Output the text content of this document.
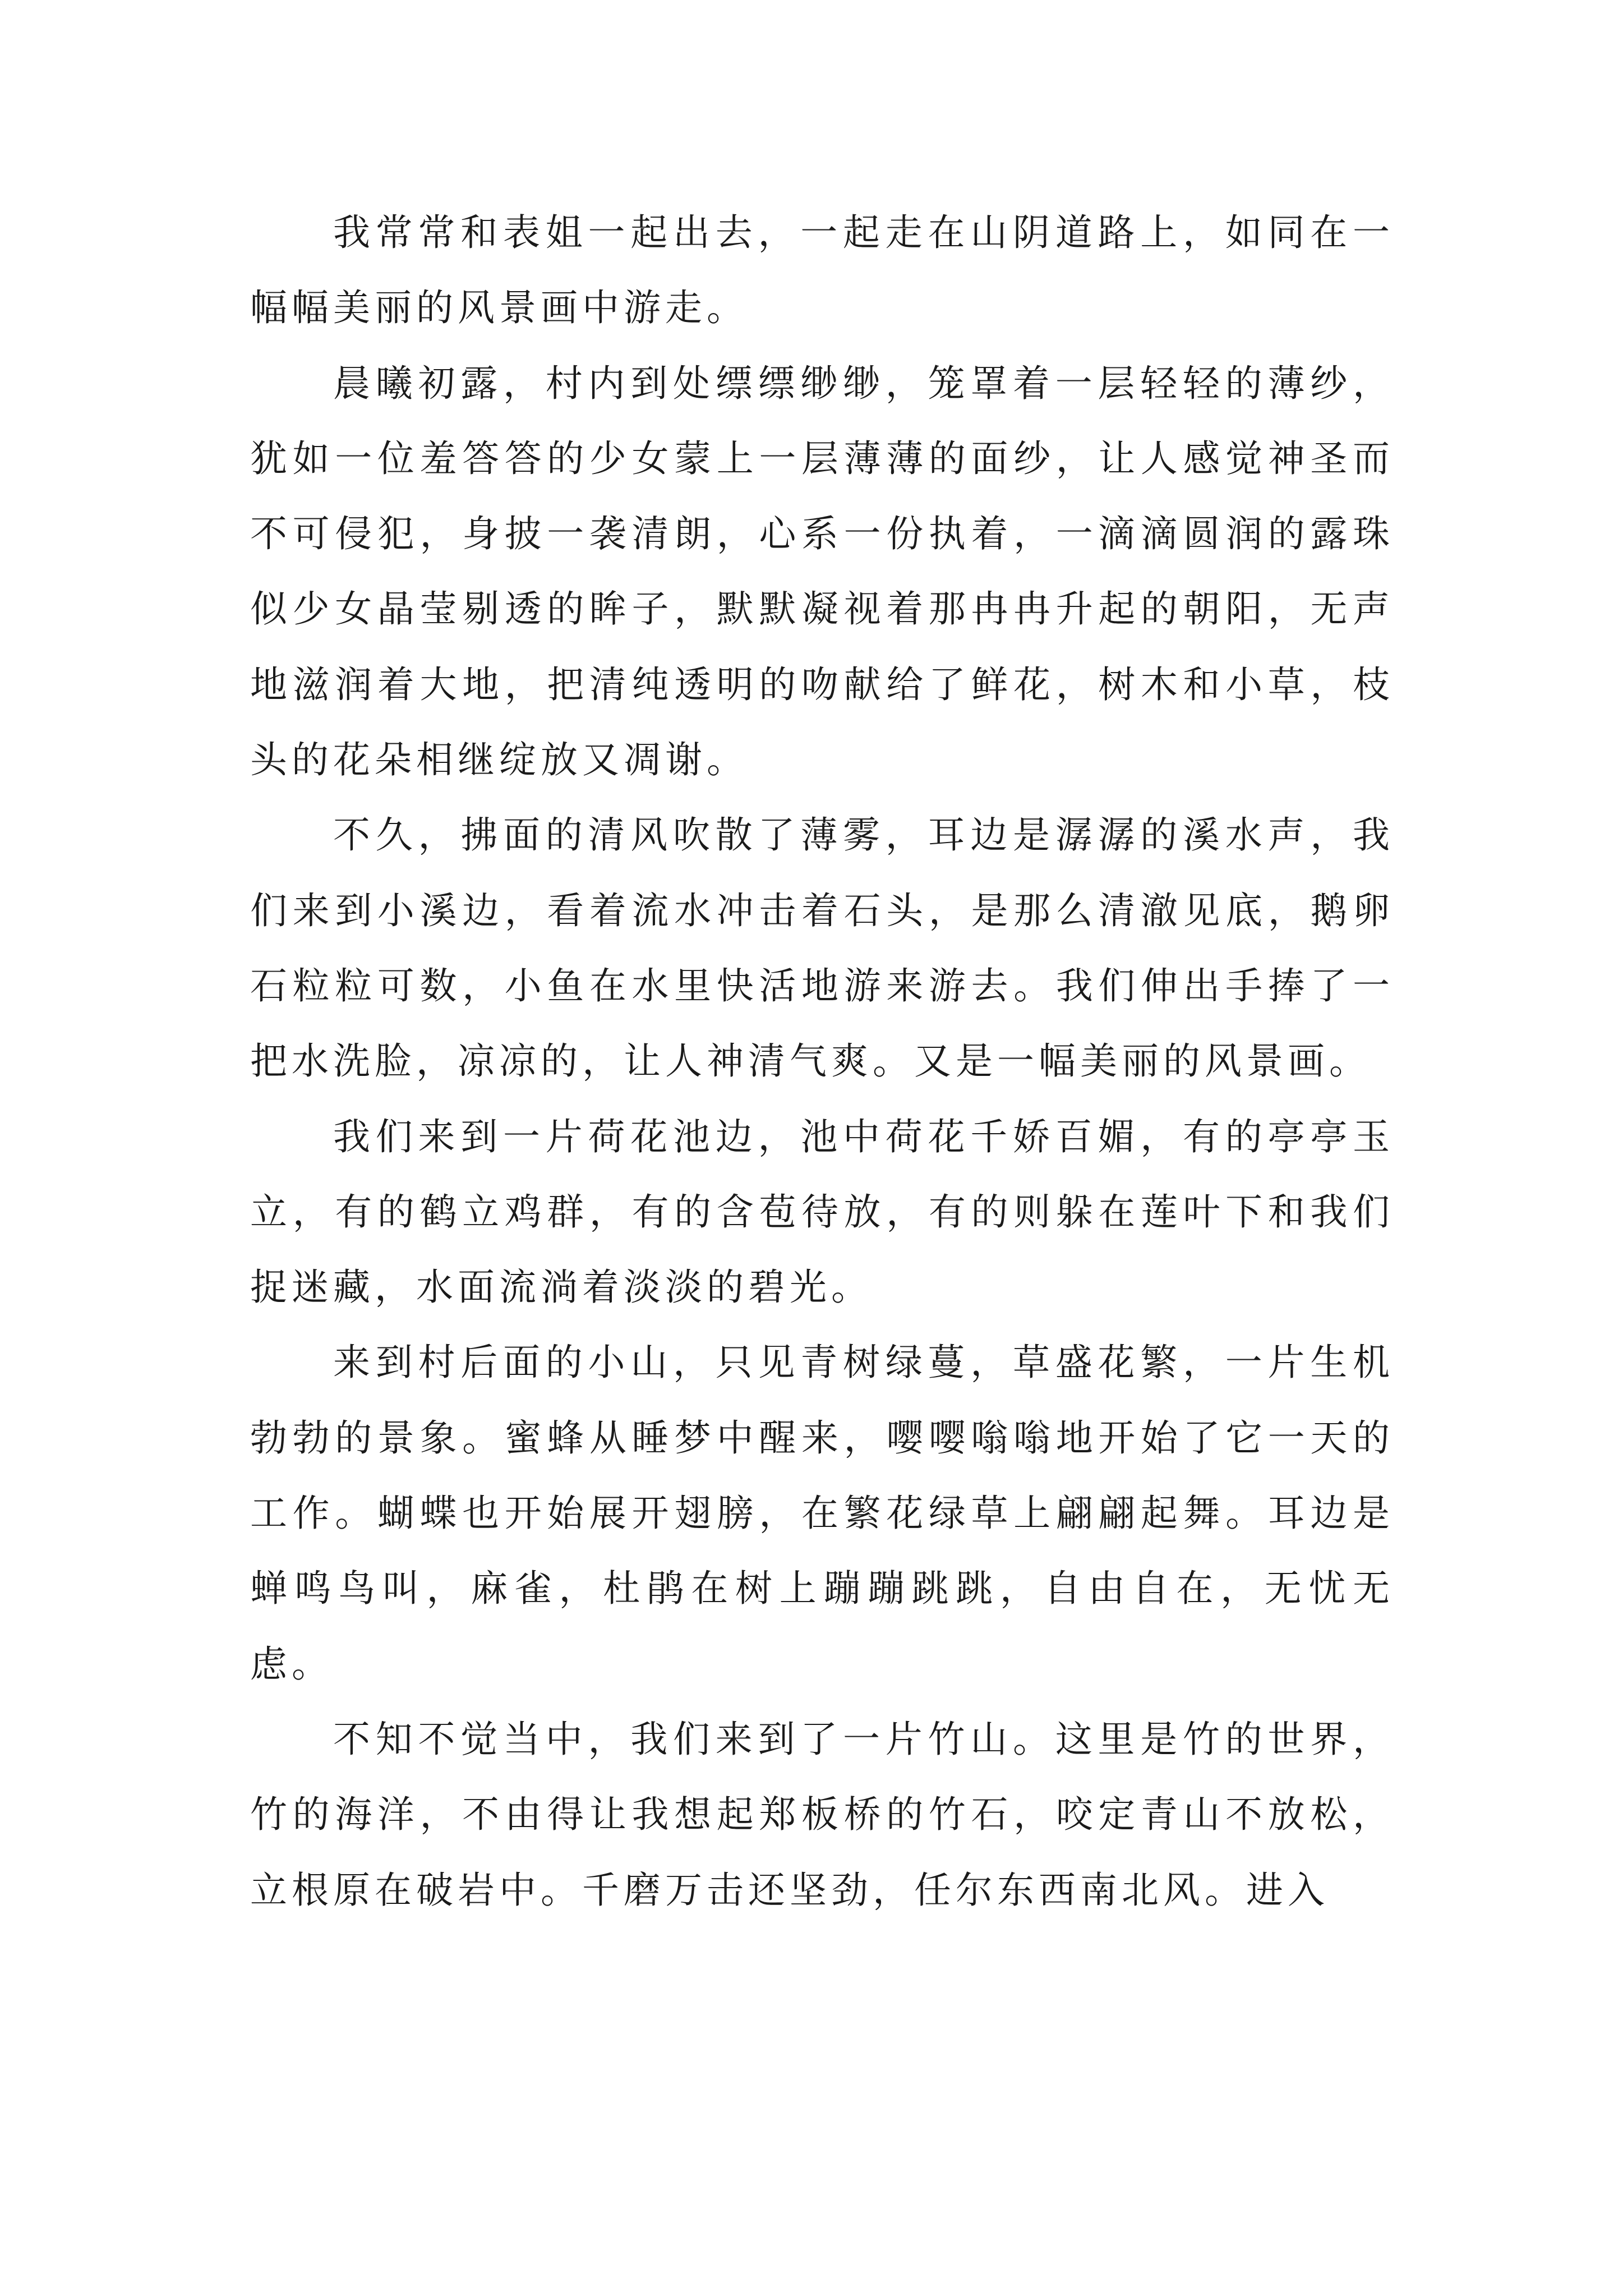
我常常和表姐一起出去，一起走在山阴道路上，如同在一幅幅美丽的风景画中游走。

晨曦初露，村内到处缥缥缈缈，笼罩着一层轻轻的薄纱，犹如一位羞答答的少女蒙上一层薄薄的面纱，让人感觉神圣而不可侵犯，身披一袭清朗，心系一份执着，一滴滴圆润的露珠似少女晶莹剔透的眸子，默默凝视着那冉冉升起的朝阳，无声地滋润着大地，把清纯透明的吻献给了鲜花，树木和小草，枝头的花朵相继绽放又凋谢。

不久，拂面的清风吹散了薄雾，耳边是潺潺的溪水声，我们来到小溪边，看着流水冲击着石头，是那么清澈见底，鹅卵石粒粒可数，小鱼在水里快活地游来游去。我们伸出手捧了一把水洗脸，凉凉的，让人神清气爽。又是一幅美丽的风景画。

我们来到一片荷花池边，池中荷花千娇百媚，有的亭亭玉立，有的鹤立鸡群，有的含苞待放，有的则躲在莲叶下和我们捉迷藏，水面流淌着淡淡的碧光。

来到村后面的小山，只见青树绿蔓，草盛花繁，一片生机勃勃的景象。蜜蜂从睡梦中醒来，嘤嘤嗡嗡地开始了它一天的工作。蝴蝶也开始展开翅膀，在繁花绿草上翩翩起舞。耳边是蝉鸣鸟叫，麻雀，杜鹃在树上蹦蹦跳跳，自由自在，无忧无虑。

不知不觉当中，我们来到了一片竹山。这里是竹的世界，竹的海洋，不由得让我想起郑板桥的竹石，咬定青山不放松，立根原在破岩中。千磨万击还坚劲，任尔东西南北风。进入
